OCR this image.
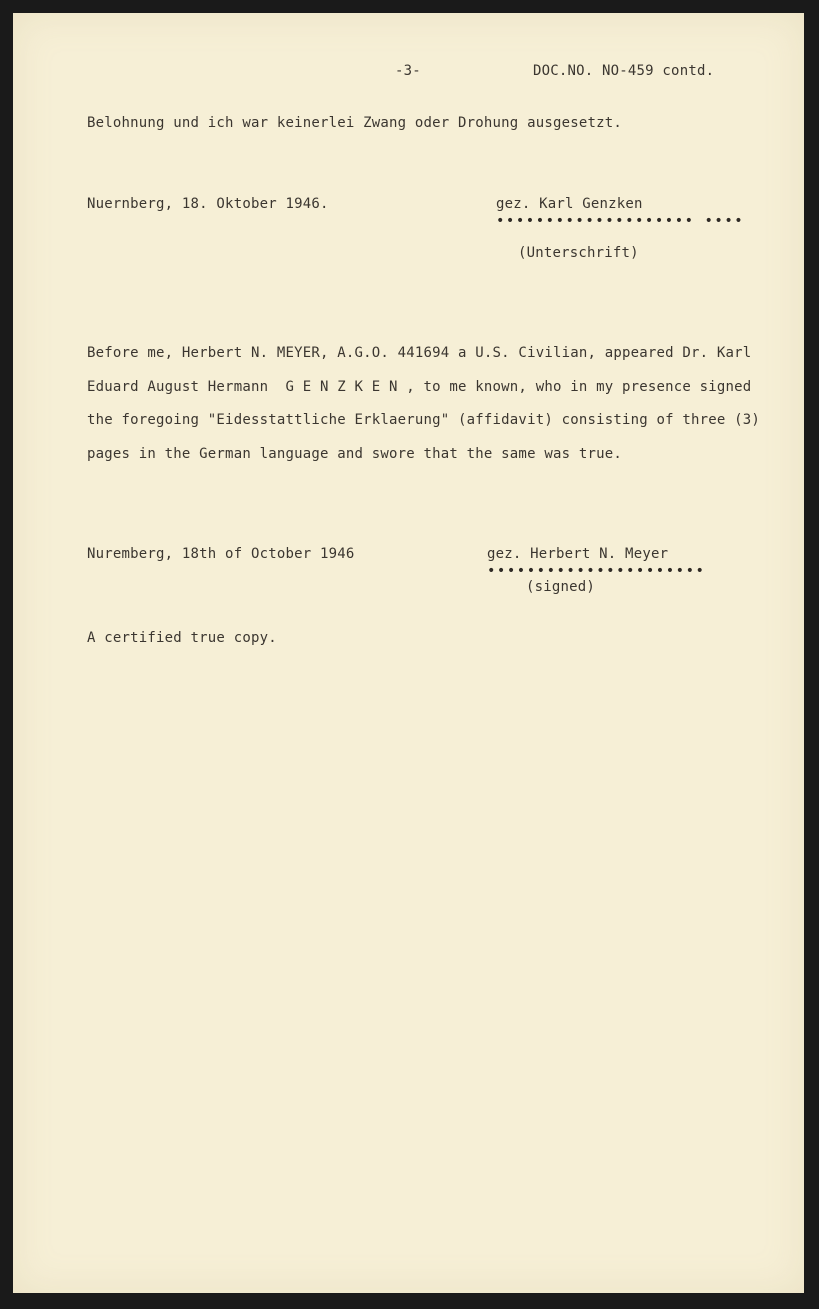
-3-	DOC.NO. NO-459 contd.
Belohnung und ich war keinerlei Zwang oder Drohung ausgesetzt.
Nuernberg, 18. Oktober 1946.	gez. Karl Genzken
•••••••••••••••••••• ••••
(Unterschrift)
Before me, Herbert N. MEYER, A.G.O. 441694 a U.S. Civilian, appeared Dr. Karl
Eduard August Hermann  G E N Z K E N , to me known, who in my presence signed
the foregoing "Eidesstattliche Erklaerung" (affidavit) consisting of three (3)
pages in the German language and swore that the same was true.
Nuremberg, 18th of October 1946	gez. Herbert N. Meyer
••••••••••••••••••••••
(signed)
A certified true copy.
